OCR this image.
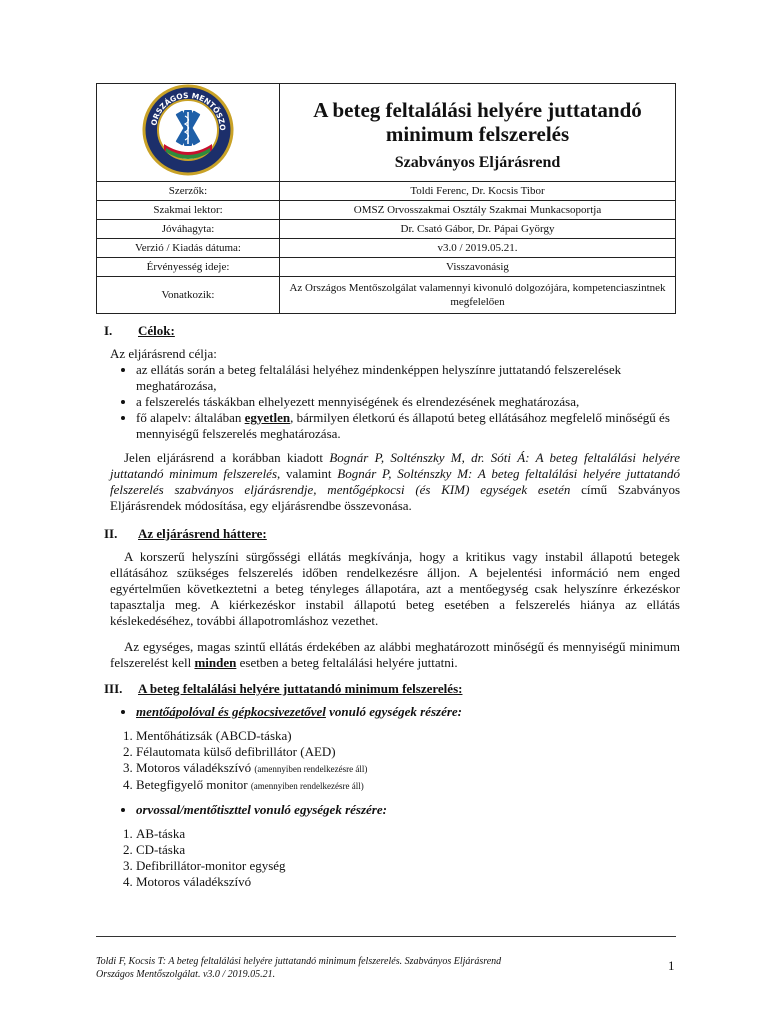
ORSZÁGOS MENTŐSZO	A beteg feltalálási helyére juttatandó minimum felszerelés
Szabványos Eljárásrend

Szerzők:	Toldi Ferenc, Dr. Kocsis Tibor
Szakmai lektor:	OMSZ Orvosszakmai Osztály Szakmai Munkacsoportja
Jóváhagyta:	Dr. Csató Gábor, Dr. Pápai György
Verzió / Kiadás dátuma:	v3.0 / 2019.05.21.
Érvényesség ideje:	Visszavonásig
Vonatkozik:	Az Országos Mentőszolgálat valamennyi kivonuló dolgozójára, kompetenciaszintnek megfelelően
I. Célok:

Az eljárásrend célja:

• az ellátás során a beteg feltalálási helyéhez mindenképpen helyszínre juttatandó felszerelések meghatározása,
• a felszerelés táskákban elhelyezett mennyiségének és elrendezésének meghatározása,
• fő alapelv: általában egyetlen, bármilyen életkorú és állapotú beteg ellátásához megfelelő minőségű és mennyiségű felszerelés meghatározása.

Jelen eljárásrend a korábban kiadott Bognár P, Solténszky M, dr. Sóti Á: A beteg feltalálási helyére juttatandó minimum felszerelés, valamint Bognár P, Solténszky M: A beteg feltalálási helyére juttatandó felszerelés szabványos eljárásrendje, mentőgépkocsi (és KIM) egységek esetén című Szabványos Eljárásrendek módosítása, egy eljárásrendbe összevonása.

II. Az eljárásrend háttere:

A korszerű helyszíni sürgősségi ellátás megkívánja, hogy a kritikus vagy instabil állapotú betegek ellátásához szükséges felszerelés időben rendelkezésre álljon. A bejelentési információ nem enged egyértelműen következtetni a beteg tényleges állapotára, azt a mentőegység csak helyszínre érkezéskor tapasztalja meg. A kiérkezéskor instabil állapotú beteg esetében a felszerelés hiánya az ellátás késlekedéséhez, további állapotromláshoz vezethet.

Az egységes, magas szintű ellátás érdekében az alábbi meghatározott minőségű és mennyiségű minimum felszerelést kell minden esetben a beteg feltalálási helyére juttatni.

III. A beteg feltalálási helyére juttatandó minimum felszerelés:
• mentőápolóval és gépkocsivezetővel vonuló egységek részére:
1. Mentőhátizsák (ABCD-táska)
2. Félautomata külső defibrillátor (AED)
3. Motoros váladékszívó (amennyiben rendelkezésre áll)
4. Betegfigyelő monitor (amennyiben rendelkezésre áll)
• orvossal/mentőtiszttel vonuló egységek részére:
1. AB-táska
2. CD-táska
3. Defibrillátor-monitor egység
4. Motoros váladékszívó
Toldi F, Kocsis T: A beteg feltalálási helyére juttatandó minimum felszerelés. Szabványos Eljárásrend
Országos Mentőszolgálat. v3.0 / 2019.05.21.
1
